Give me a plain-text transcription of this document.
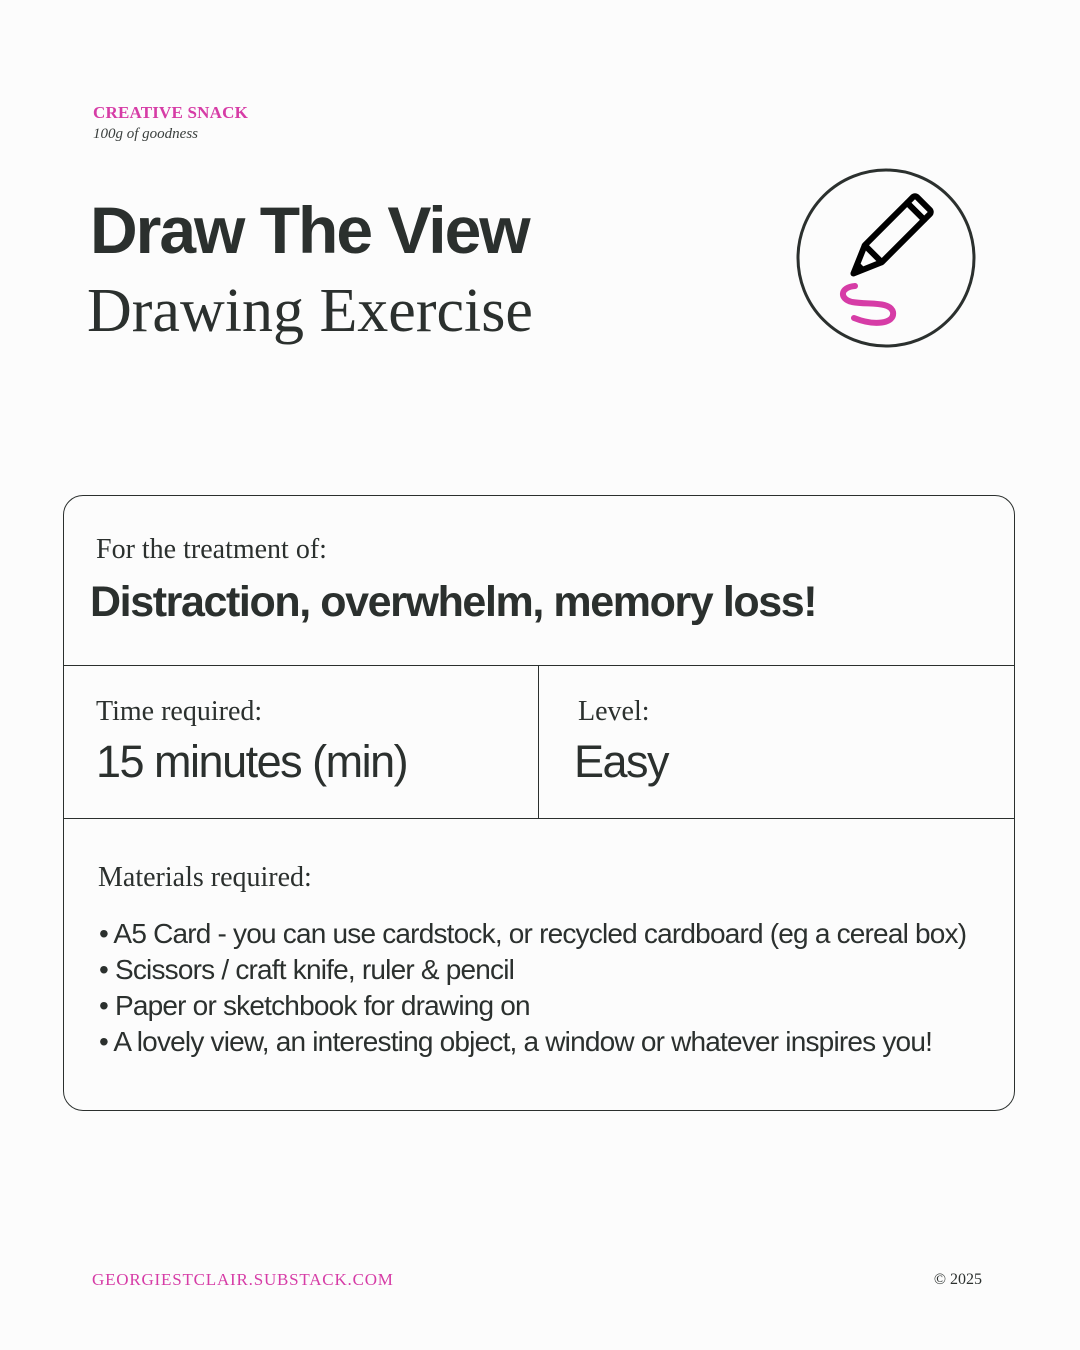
CREATIVE SNACK
100g of goodness
Draw The View
Drawing Exercise
For the treatment of:
Distraction, overwhelm, memory loss!
Time required:
15 minutes (min)
Level:
Easy
Materials required:
• A5 Card - you can use cardstock, or recycled cardboard (eg a cereal box)
• Scissors / craft knife, ruler & pencil
• Paper or sketchbook for drawing on
• A lovely view, an interesting object, a window or whatever inspires you!
GEORGIESTCLAIR.SUBSTACK.COM	© 2025
